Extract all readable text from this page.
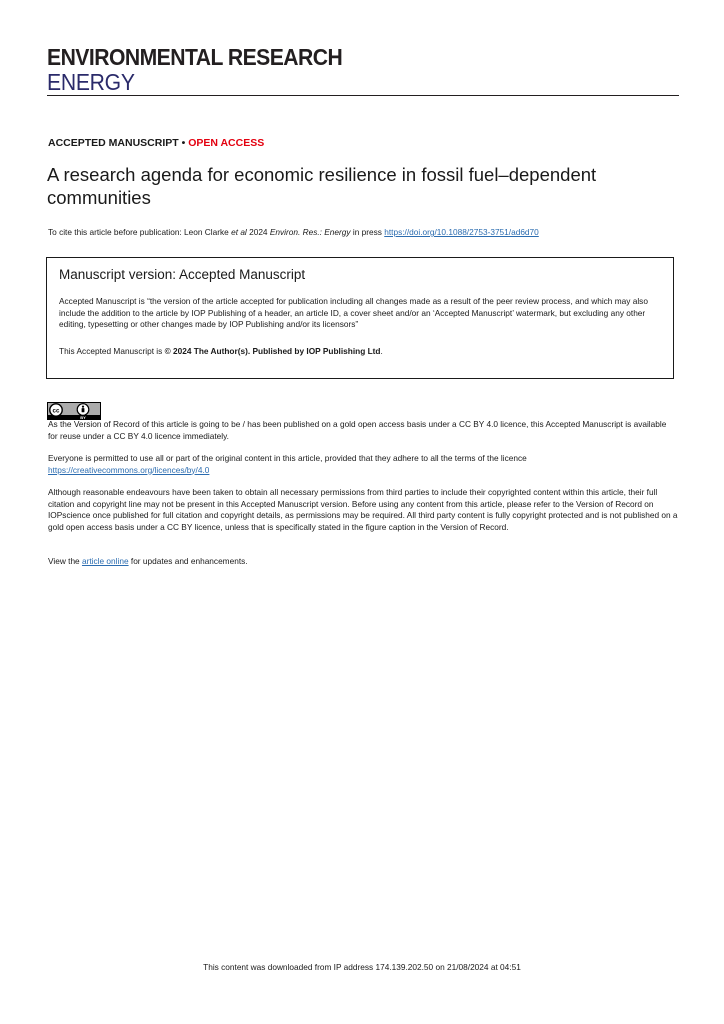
ENVIRONMENTAL RESEARCH
ENERGY
ACCEPTED MANUSCRIPT • OPEN ACCESS
A research agenda for economic resilience in fossil fuel–dependent communities
To cite this article before publication: Leon Clarke et al 2024 Environ. Res.: Energy in press https://doi.org/10.1088/2753-3751/ad6d70
Manuscript version: Accepted Manuscript
Accepted Manuscript is “the version of the article accepted for publication including all changes made as a result of the peer review process, and which may also include the addition to the article by IOP Publishing of a header, an article ID, a cover sheet and/or an ‘Accepted Manuscript’ watermark, but excluding any other editing, typesetting or other changes made by IOP Publishing and/or its licensors”
This Accepted Manuscript is © 2024 The Author(s). Published by IOP Publishing Ltd.
cc
BY
As the Version of Record of this article is going to be / has been published on a gold open access basis under a CC BY 4.0 licence, this Accepted Manuscript is available for reuse under a CC BY 4.0 licence immediately.
Everyone is permitted to use all or part of the original content in this article, provided that they adhere to all the terms of the licence https://creativecommons.org/licences/by/4.0
Although reasonable endeavours have been taken to obtain all necessary permissions from third parties to include their copyrighted content within this article, their full citation and copyright line may not be present in this Accepted Manuscript version. Before using any content from this article, please refer to the Version of Record on IOPscience once published for full citation and copyright details, as permissions may be required. All third party content is fully copyright protected and is not published on a gold open access basis under a CC BY licence, unless that is specifically stated in the figure caption in the Version of Record.
View the article online for updates and enhancements.
This content was downloaded from IP address 174.139.202.50 on 21/08/2024 at 04:51
